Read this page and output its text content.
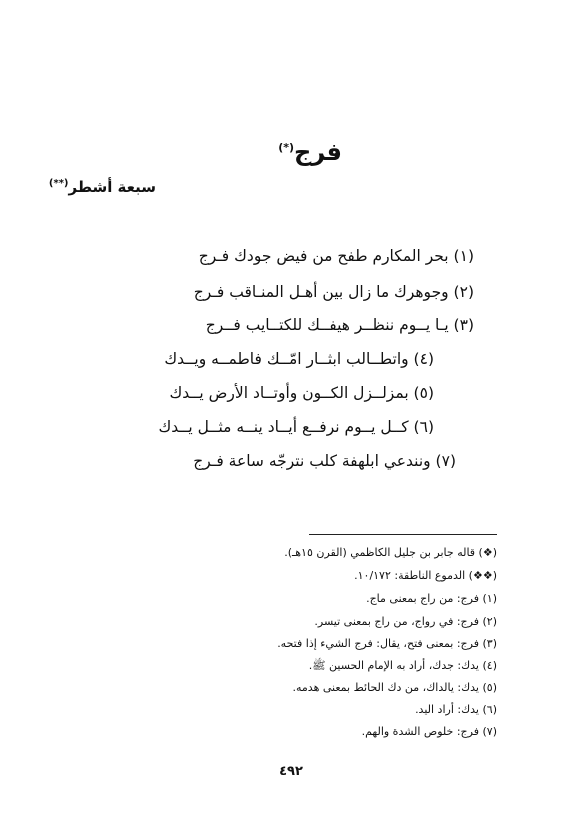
فرج(*)
سبعة أشطر(**)
(١) بحر المكارم طفح من فيض جودك فـرج
(٢) وجوهرك ما زال بين أهـل المنـاقب فـرج
(٣) يـا يــوم ننظــر هيفــك للكتــايب فــرج
(٤) واتطــالب ابثــار امّــك فاطمــه ويــدك
(٥) بمزلــزل الكــون وأوتــاد الأرض يــدك
(٦) كــل يــوم نرفــع أيــاد ينــه مثــل يــدك
(٧) ونندعي ابلهفة كلب نترجّه ساعة فـرج
(❖) قاله جابر بن جليل الكاظمي (القرن ١٥هـ).
(❖❖) الدموع الناطقة: ١٠/١٧٢.
(١) فرج: من راج بمعنى ماج.
(٢) فرج: في رواج، من راج بمعنى تيسر.
(٣) فرج: بمعنى فتح، يقال: فرج الشيء إذا فتحه.
(٤) يدك: جدك، أراد به الإمام الحسين ﷺ.
(٥) يدك: يالداك، من دك الحائط بمعنى هدمه.
(٦) يدك: أراد اليد.
(٧) فرج: خلوص الشدة والهم.
٤٩٢
